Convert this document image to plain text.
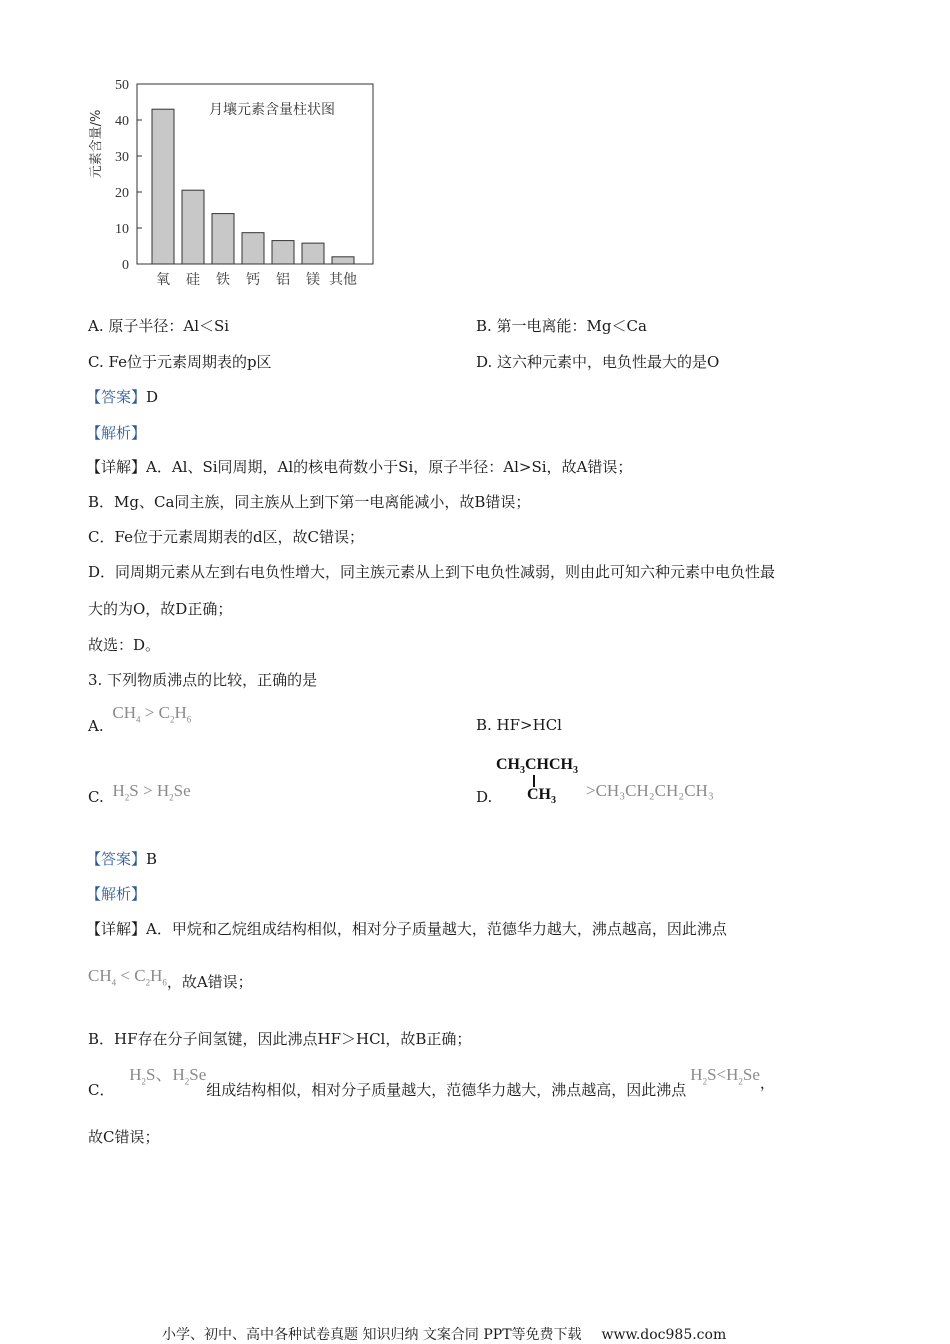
0
10
20
30
40
50
氧 硅 铁 钙 铝 镁 其他
月壤元素含量柱状图
元素含量/%
A. 原子半径：Al＜Si	B. 第一电离能：Mg＜Ca
C. Fe位于元素周期表的p区	D. 这六种元素中，电负性最大的是O
【答案】D
【解析】
【详解】A．Al、Si同周期，Al的核电荷数小于Si，原子半径：Al>Si，故A错误；
B．Mg、Ca同主族，同主族从上到下第一电离能减小，故B错误；
C．Fe位于元素周期表的d区，故C错误；
D．同周期元素从左到右电负性增大，同主族元素从上到下电负性减弱，则由此可知六种元素中电负性最
大的为O，故D正确；
故选：D。
3. 下列物质沸点的比较，正确的是
A. $CH_4 > C_2H_6$	B. HF>HCl
C. $H_2S > H_2Se$	D.
$CH_3CHCH_3$
$CH_3$
>CH₃CH₂CH₂CH₃
【答案】B
【解析】
【详解】A．甲烷和乙烷组成结构相似，相对分子质量越大，范德华力越大，沸点越高，因此沸点
$CH_4 < C_2H_6$，故A错误；
B．HF存在分子间氢键，因此沸点HF＞HCl，故B正确；
C． $H_2S$、$H_2Se$组成结构相似，相对分子质量越大，范德华力越大，沸点越高，因此沸点$H_2S<H_2Se$，
故C错误；
小学、初中、高中各种试卷真题 知识归纳 文案合同 PPT等免费下载 www.doc985.com
